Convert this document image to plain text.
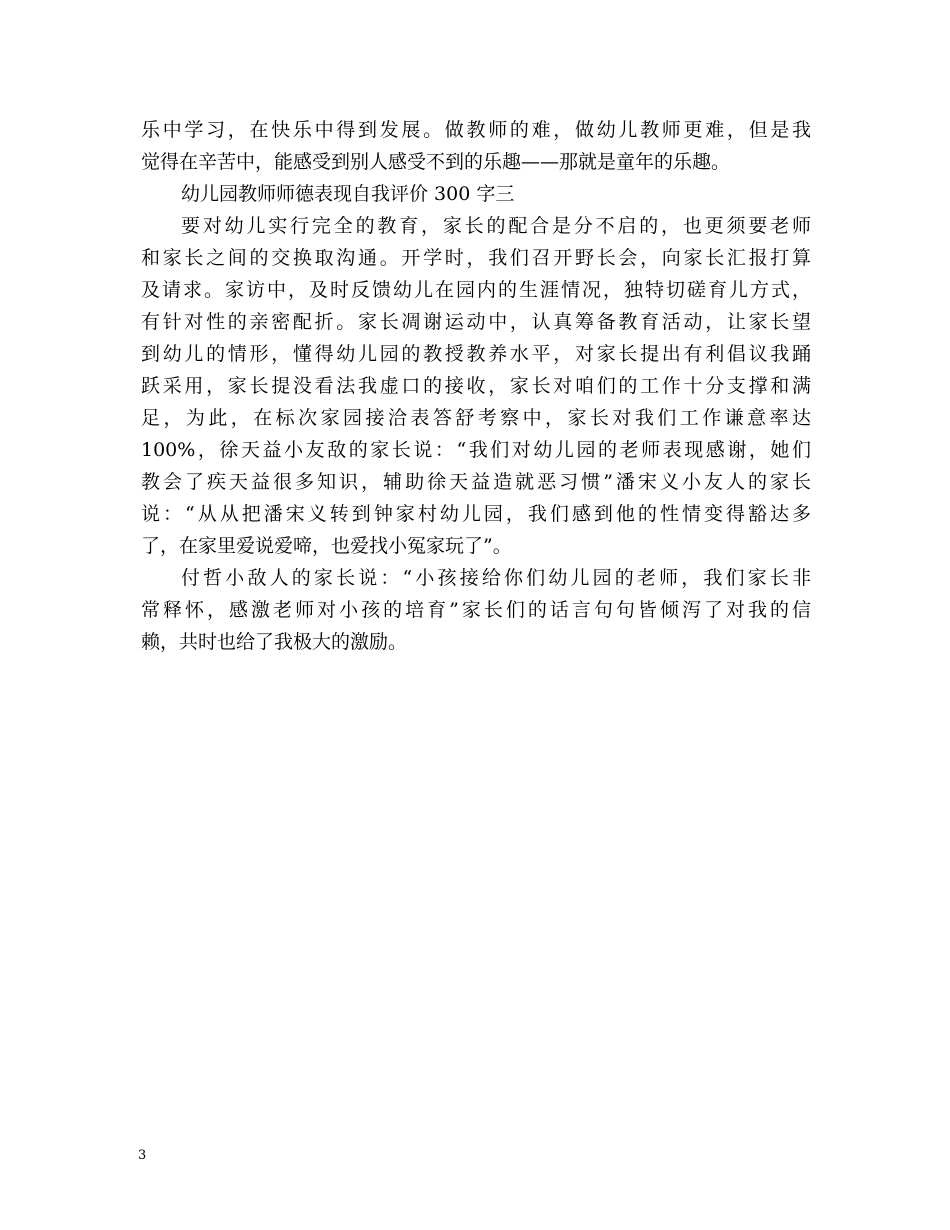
乐中学习，在快乐中得到发展。做教师的难，做幼儿教师更难，但是我
觉得在辛苦中，能感受到别人感受不到的乐趣——那就是童年的乐趣。
幼儿园教师师德表现自我评价 300 字三
要对幼儿实行完全的教育，家长的配合是分不启的，也更须要老师
和家长之间的交换取沟通。开学时，我们召开野长会，向家长汇报打算
及请求。家访中，及时反馈幼儿在园内的生涯情况，独特切磋育儿方式，
有针对性的亲密配折。家长凋谢运动中，认真筹备教育活动，让家长望
到幼儿的情形，懂得幼儿园的教授教养水平，对家长提出有利倡议我踊
跃采用，家长提没看法我虚口的接收，家长对咱们的工作十分支撑和满
足，为此，在标次家园接洽表答舒考察中，家长对我们工作谦意率达
100%，徐天益小友敌的家长说：“我们对幼儿园的老师表现感谢，她们
教会了疾天益很多知识，辅助徐天益造就恶习惯”潘宋义小友人的家长
说：“从从把潘宋义转到钟家村幼儿园，我们感到他的性情变得豁达多
了，在家里爱说爱啼，也爱找小冤家玩了”。
付哲小敌人的家长说：“小孩接给你们幼儿园的老师，我们家长非
常释怀，感激老师对小孩的培育”家长们的话言句句皆倾泻了对我的信
赖，共时也给了我极大的激励。
3
